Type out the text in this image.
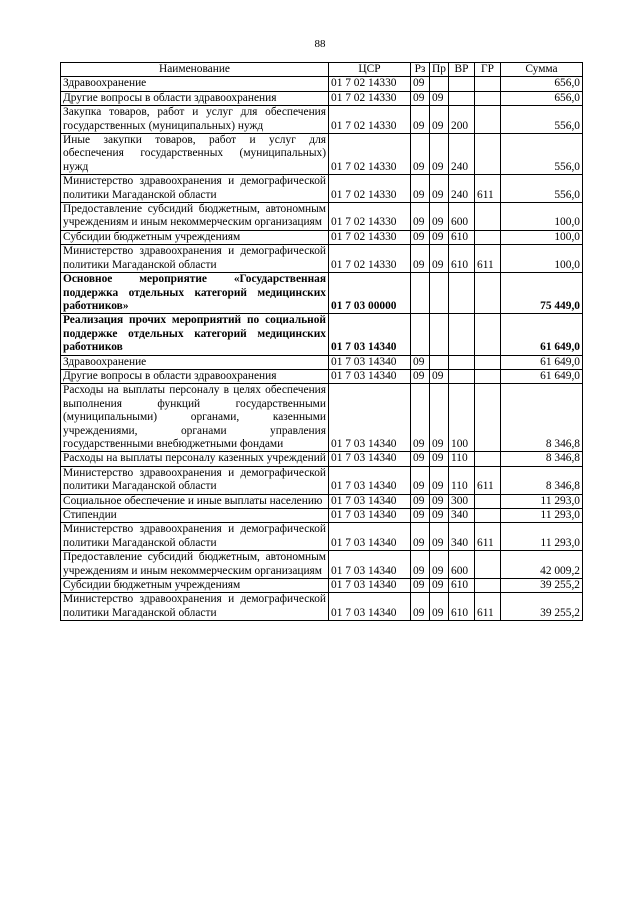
88
Наименование	ЦСР	Рз	Пр	ВР	ГР	Сумма
Здравоохранение	01 7 02 14330	09				656,0
Другие вопросы в области здравоохранения	01 7 02 14330	09	09			656,0
Закупка товаров, работ и услуг для обеспечения государственных (муниципальных) нужд	01 7 02 14330	09	09	200		556,0
Иные закупки товаров, работ и услуг для обеспечения государственных (муниципальных) нужд	01 7 02 14330	09	09	240		556,0
Министерство здравоохранения и демографической политики Магаданской области	01 7 02 14330	09	09	240	611	556,0
Предоставление субсидий бюджетным, автономным учреждениям и иным некоммерческим организациям	01 7 02 14330	09	09	600		100,0
Субсидии бюджетным учреждениям	01 7 02 14330	09	09	610		100,0
Министерство здравоохранения и демографической политики Магаданской области	01 7 02 14330	09	09	610	611	100,0
Основное мероприятие «Государственная поддержка отдельных категорий медицинских работников»	01 7 03 00000					75 449,0
Реализация прочих мероприятий по социальной поддержке отдельных категорий медицинских работников	01 7 03 14340					61 649,0
Здравоохранение	01 7 03 14340	09				61 649,0
Другие вопросы в области здравоохранения	01 7 03 14340	09	09			61 649,0
Расходы на выплаты персоналу в целях обеспечения выполнения функций государственными (муниципальными) органами, казенными учреждениями, органами управления государственными внебюджетными фондами	01 7 03 14340	09	09	100		8 346,8
Расходы на выплаты персоналу казенных учреждений	01 7 03 14340	09	09	110		8 346,8
Министерство здравоохранения и демографической политики Магаданской области	01 7 03 14340	09	09	110	611	8 346,8
Социальное обеспечение и иные выплаты населению	01 7 03 14340	09	09	300		11 293,0
Стипендии	01 7 03 14340	09	09	340		11 293,0
Министерство здравоохранения и демографической политики Магаданской области	01 7 03 14340	09	09	340	611	11 293,0
Предоставление субсидий бюджетным, автономным учреждениям и иным некоммерческим организациям	01 7 03 14340	09	09	600		42 009,2
Субсидии бюджетным учреждениям	01 7 03 14340	09	09	610		39 255,2
Министерство здравоохранения и демографической политики Магаданской области	01 7 03 14340	09	09	610	611	39 255,2
